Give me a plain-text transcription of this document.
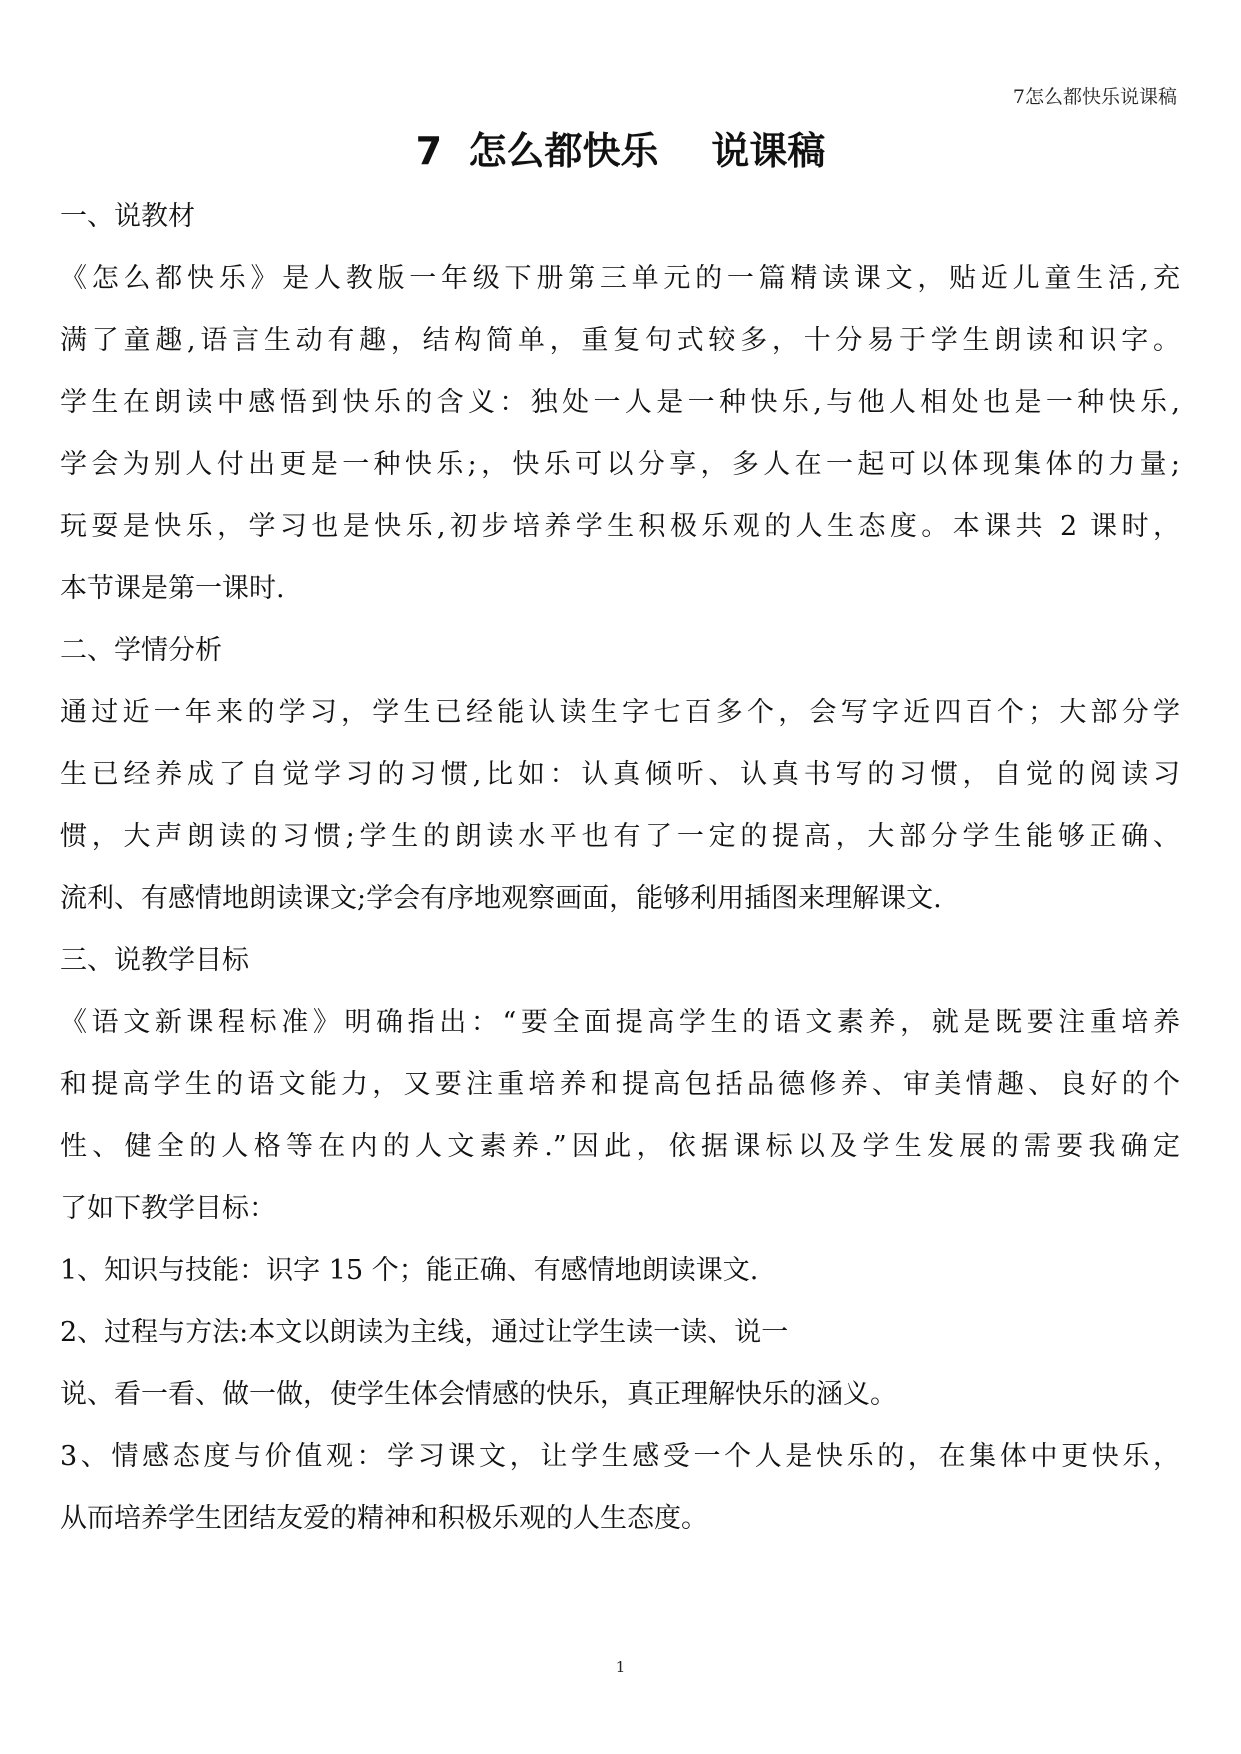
7怎么都快乐说课稿
7  怎么都快乐    说课稿
一、说教材
《怎么都快乐》是人教版一年级下册第三单元的一篇精读课文，贴近儿童生活,充
满了童趣,语言生动有趣，结构简单，重复句式较多，十分易于学生朗读和识字。
学生在朗读中感悟到快乐的含义：独处一人是一种快乐,与他人相处也是一种快乐,
学会为别人付出更是一种快乐;，快乐可以分享，多人在一起可以体现集体的力量;
玩耍是快乐，学习也是快乐,初步培养学生积极乐观的人生态度。本课共 2 课时，
本节课是第一课时.
二、学情分析
通过近一年来的学习，学生已经能认读生字七百多个，会写字近四百个；大部分学
生已经养成了自觉学习的习惯,比如：认真倾听、认真书写的习惯，自觉的阅读习
惯，大声朗读的习惯;学生的朗读水平也有了一定的提高，大部分学生能够正确、
流利、有感情地朗读课文;学会有序地观察画面，能够利用插图来理解课文.
三、说教学目标
《语文新课程标准》明确指出：“要全面提高学生的语文素养，就是既要注重培养
和提高学生的语文能力，又要注重培养和提高包括品德修养、审美情趣、良好的个
性、健全的人格等在内的人文素养.”因此，依据课标以及学生发展的需要我确定
了如下教学目标：
1、知识与技能：识字 15 个；能正确、有感情地朗读课文.
2、过程与方法:本文以朗读为主线，通过让学生读一读、说一
说、看一看、做一做，使学生体会情感的快乐，真正理解快乐的涵义。
3、情感态度与价值观：学习课文，让学生感受一个人是快乐的，在集体中更快乐，
从而培养学生团结友爱的精神和积极乐观的人生态度。
1
